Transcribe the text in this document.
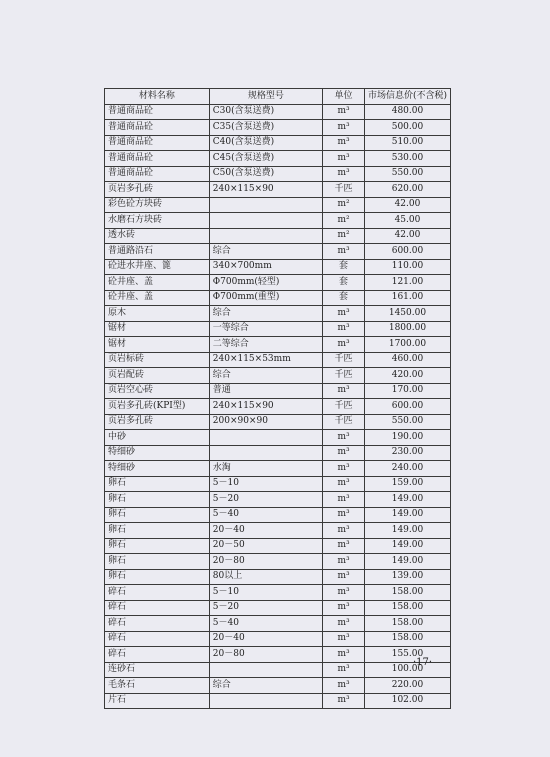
材料名称	规格型号	单位	市场信息价(不含税)
普通商品砼	C30(含泵送费)	m³	480.00
普通商品砼	C35(含泵送费)	m³	500.00
普通商品砼	C40(含泵送费)	m³	510.00
普通商品砼	C45(含泵送费)	m³	530.00
普通商品砼	C50(含泵送费)	m³	550.00
页岩多孔砖	240×115×90	千匹	620.00
彩色砼方块砖		m²	42.00
水磨石方块砖		m²	45.00
透水砖		m²	42.00
普通路沿石	综合	m³	600.00
砼进水井座、篦	340×700mm	套	110.00
砼井座、盖	Φ700mm(轻型)	套	121.00
砼井座、盖	Φ700mm(重型)	套	161.00
原木	综合	m³	1450.00
锯材	一等综合	m³	1800.00
锯材	二等综合	m³	1700.00
页岩标砖	240×115×53mm	千匹	460.00
页岩配砖	综合	千匹	420.00
页岩空心砖	普通	m³	170.00
页岩多孔砖(KPI型)	240×115×90	千匹	600.00
页岩多孔砖	200×90×90	千匹	550.00
中砂		m³	190.00
特细砂		m³	230.00
特细砂	水淘	m³	240.00
卵石	5－10	m³	159.00
卵石	5－20	m³	149.00
卵石	5－40	m³	149.00
卵石	20－40	m³	149.00
卵石	20－50	m³	149.00
卵石	20－80	m³	149.00
卵石	80以上	m³	139.00
碎石	5－10	m³	158.00
碎石	5－20	m³	158.00
碎石	5－40	m³	158.00
碎石	20－40	m³	158.00
碎石	20－80	m³	155.00
连砂石		m³	100.00
毛条石	综合	m³	220.00
片石		m³	102.00
·17·
